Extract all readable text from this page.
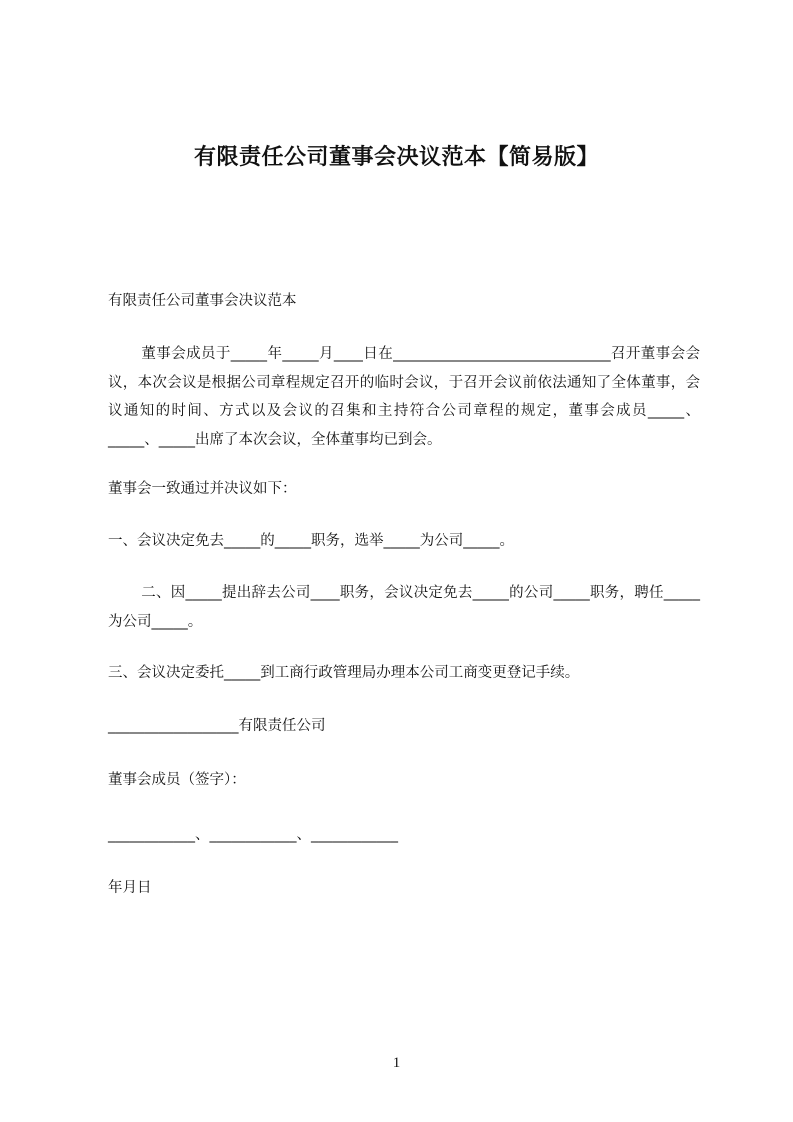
有限责任公司董事会决议范本【简易版】
有限责任公司董事会决议范本
董事会成员于_____年_____月____日在______________________________召开董事会会议，本次会议是根据公司章程规定召开的临时会议，于召开会议前依法通知了全体董事，会议通知的时间、方式以及会议的召集和主持符合公司章程的规定，董事会成员_____、_____、_____出席了本次会议，全体董事均已到会。
董事会一致通过并决议如下：
一、会议决定免去_____的_____职务，选举_____为公司_____。
二、因_____提出辞去公司____职务，会议决定免去_____的公司_____职务，聘任_____为公司_____。
三、会议决定委托_____到工商行政管理局办理本公司工商变更登记手续。
__________________有限责任公司
董事会成员（签字）：
____________、____________、____________
年月日
1
